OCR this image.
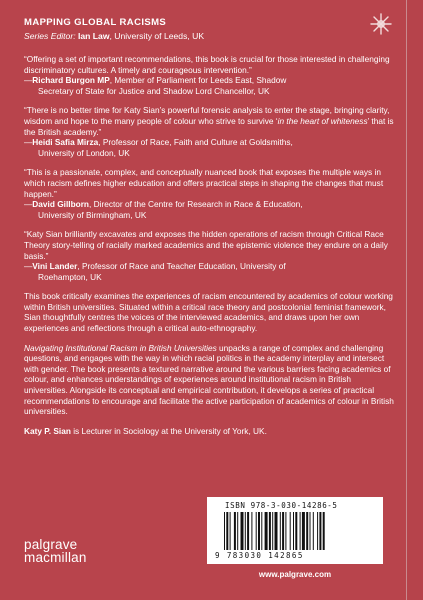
MAPPING GLOBAL RACISMS
Series Editor: Ian Law, University of Leeds, UK
“Offering a set of important recommendations, this book is crucial for those interested in challenging discriminatory cultures. A timely and courageous intervention.”
—Richard Burgon MP, Member of Parliament for Leeds East, Shadow
Secretary of State for Justice and Shadow Lord Chancellor, UK
“There is no better time for Katy Sian’s powerful forensic analysis to enter the stage, bringing clarity, wisdom and hope to the many people of colour who strive to survive ‘in the heart of whiteness’ that is the British academy.”
—Heidi Safia Mirza, Professor of Race, Faith and Culture at Goldsmiths,
University of London, UK
“This is a passionate, complex, and conceptually nuanced book that exposes the multiple ways in which racism defines higher education and offers practical steps in shaping the changes that must happen.”
—David Gillborn, Director of the Centre for Research in Race & Education,
University of Birmingham, UK
“Katy Sian brilliantly excavates and exposes the hidden operations of racism through Critical Race Theory story-telling of racially marked academics and the epistemic violence they endure on a daily basis.”
—Vini Lander, Professor of Race and Teacher Education, University of
Roehampton, UK
This book critically examines the experiences of racism encountered by academics of colour working within British universities. Situated within a critical race theory and postcolonial feminist framework, Sian thoughtfully centres the voices of the interviewed academics, and draws upon her own experiences and reflections through a critical auto-ethnography.
Navigating Institutional Racism in British Universities unpacks a range of complex and challenging questions, and engages with the way in which racial politics in the academy interplay and intersect with gender. The book presents a textured narrative around the various barriers facing academics of colour, and enhances understandings of experiences around institutional racism in British universities. Alongside its conceptual and empirical contribution, it develops a series of practical recommendations to encourage and facilitate the active participation of academics of colour in British universities.
Katy P. Sian is Lecturer in Sociology at the University of York, UK.
palgrave
macmillan
ISBN 978-3-030-14286-5
9 783030 142865
www.palgrave.com
